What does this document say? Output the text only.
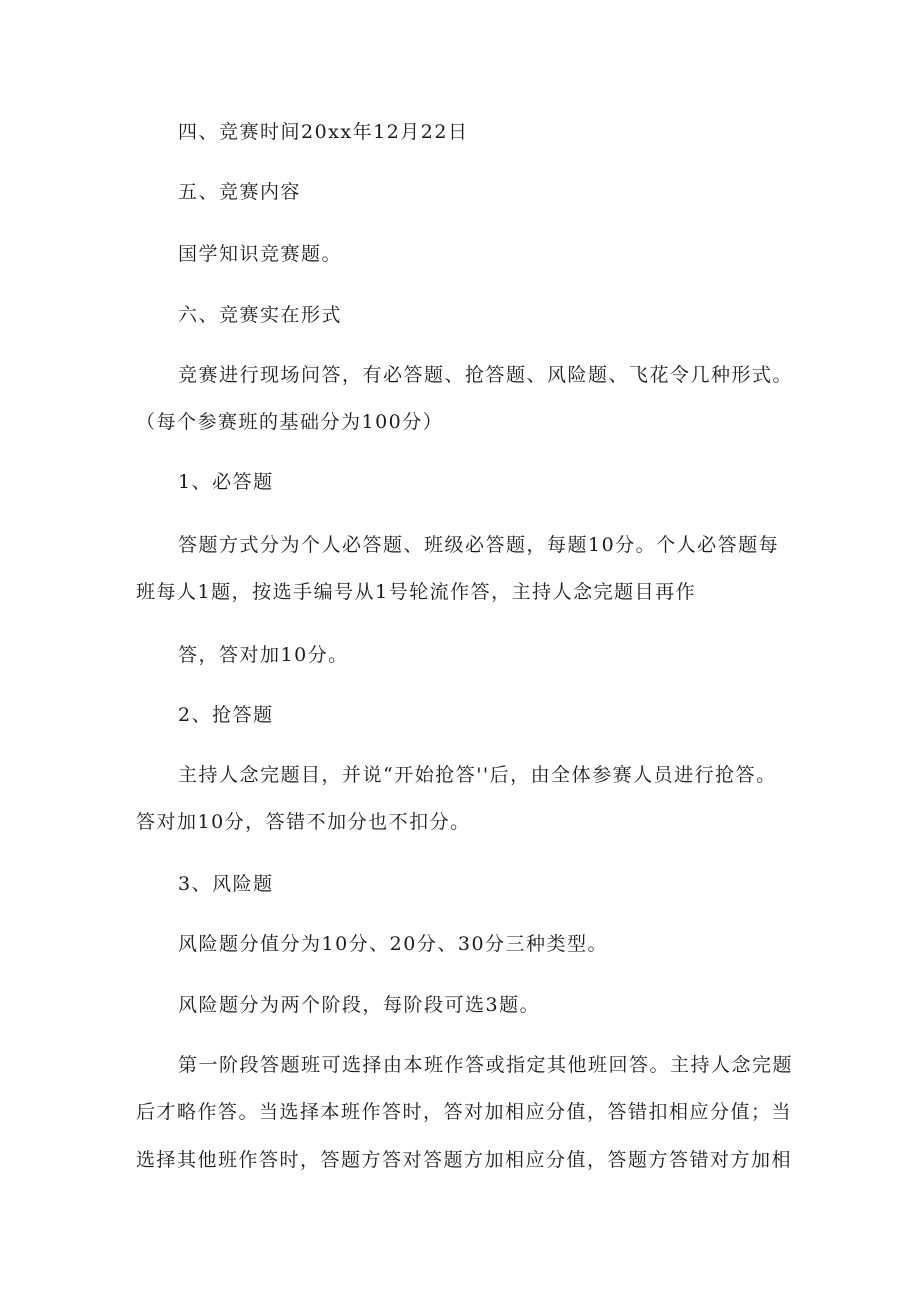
四、竞赛时间20xx年12月22日
五、竞赛内容
国学知识竞赛题。
六、竞赛实在形式
竞赛进行现场问答，有必答题、抢答题、风险题、飞花令几种形式。
（每个参赛班的基础分为100分）
1、必答题
答题方式分为个人必答题、班级必答题，每题10分。个人必答题每
班每人1题，按选手编号从1号轮流作答，主持人念完题目再作
答，答对加10分。
2、抢答题
主持人念完题目，并说“开始抢答''后，由全体参赛人员进行抢答。
答对加10分，答错不加分也不扣分。
3、风险题
风险题分值分为10分、20分、30分三种类型。
风险题分为两个阶段，每阶段可选3题。
第一阶段答题班可选择由本班作答或指定其他班回答。主持人念完题
后才略作答。当选择本班作答时，答对加相应分值，答错扣相应分值；当
选择其他班作答时，答题方答对答题方加相应分值，答题方答错对方加相
